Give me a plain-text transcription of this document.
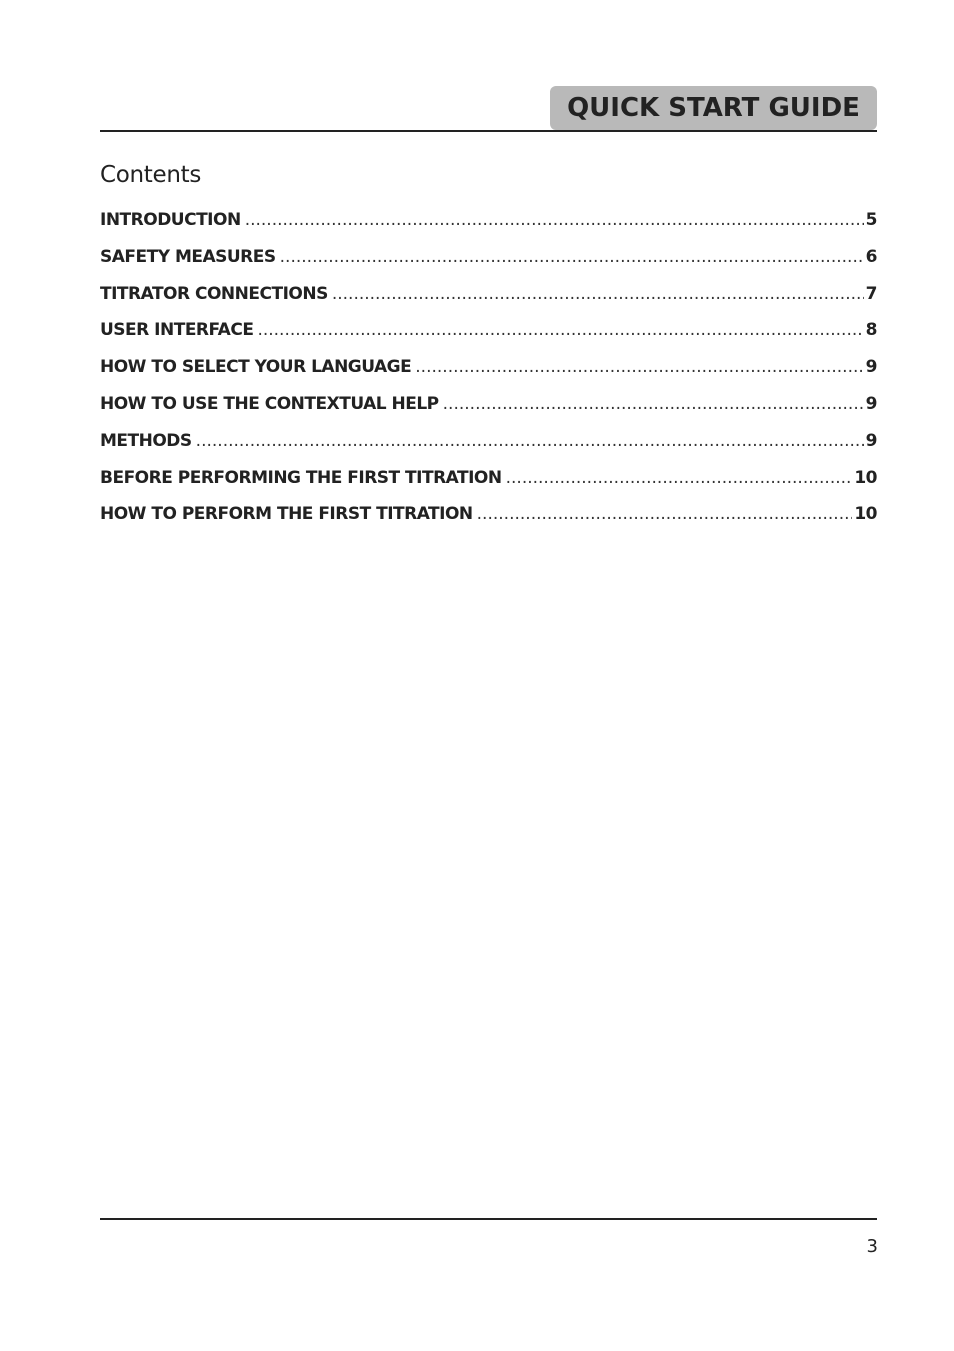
QUICK START GUIDE
Contents
INTRODUCTION .....	5
SAFETY MEASURES .....	6
TITRATOR CONNECTIONS .....	7
USER INTERFACE .....	8
HOW TO SELECT YOUR LANGUAGE .....	9
HOW TO USE THE CONTEXTUAL HELP .....	9
METHODS .....	9
BEFORE PERFORMING THE FIRST TITRATION .....	10
HOW TO PERFORM THE FIRST TITRATION .....	10
3
